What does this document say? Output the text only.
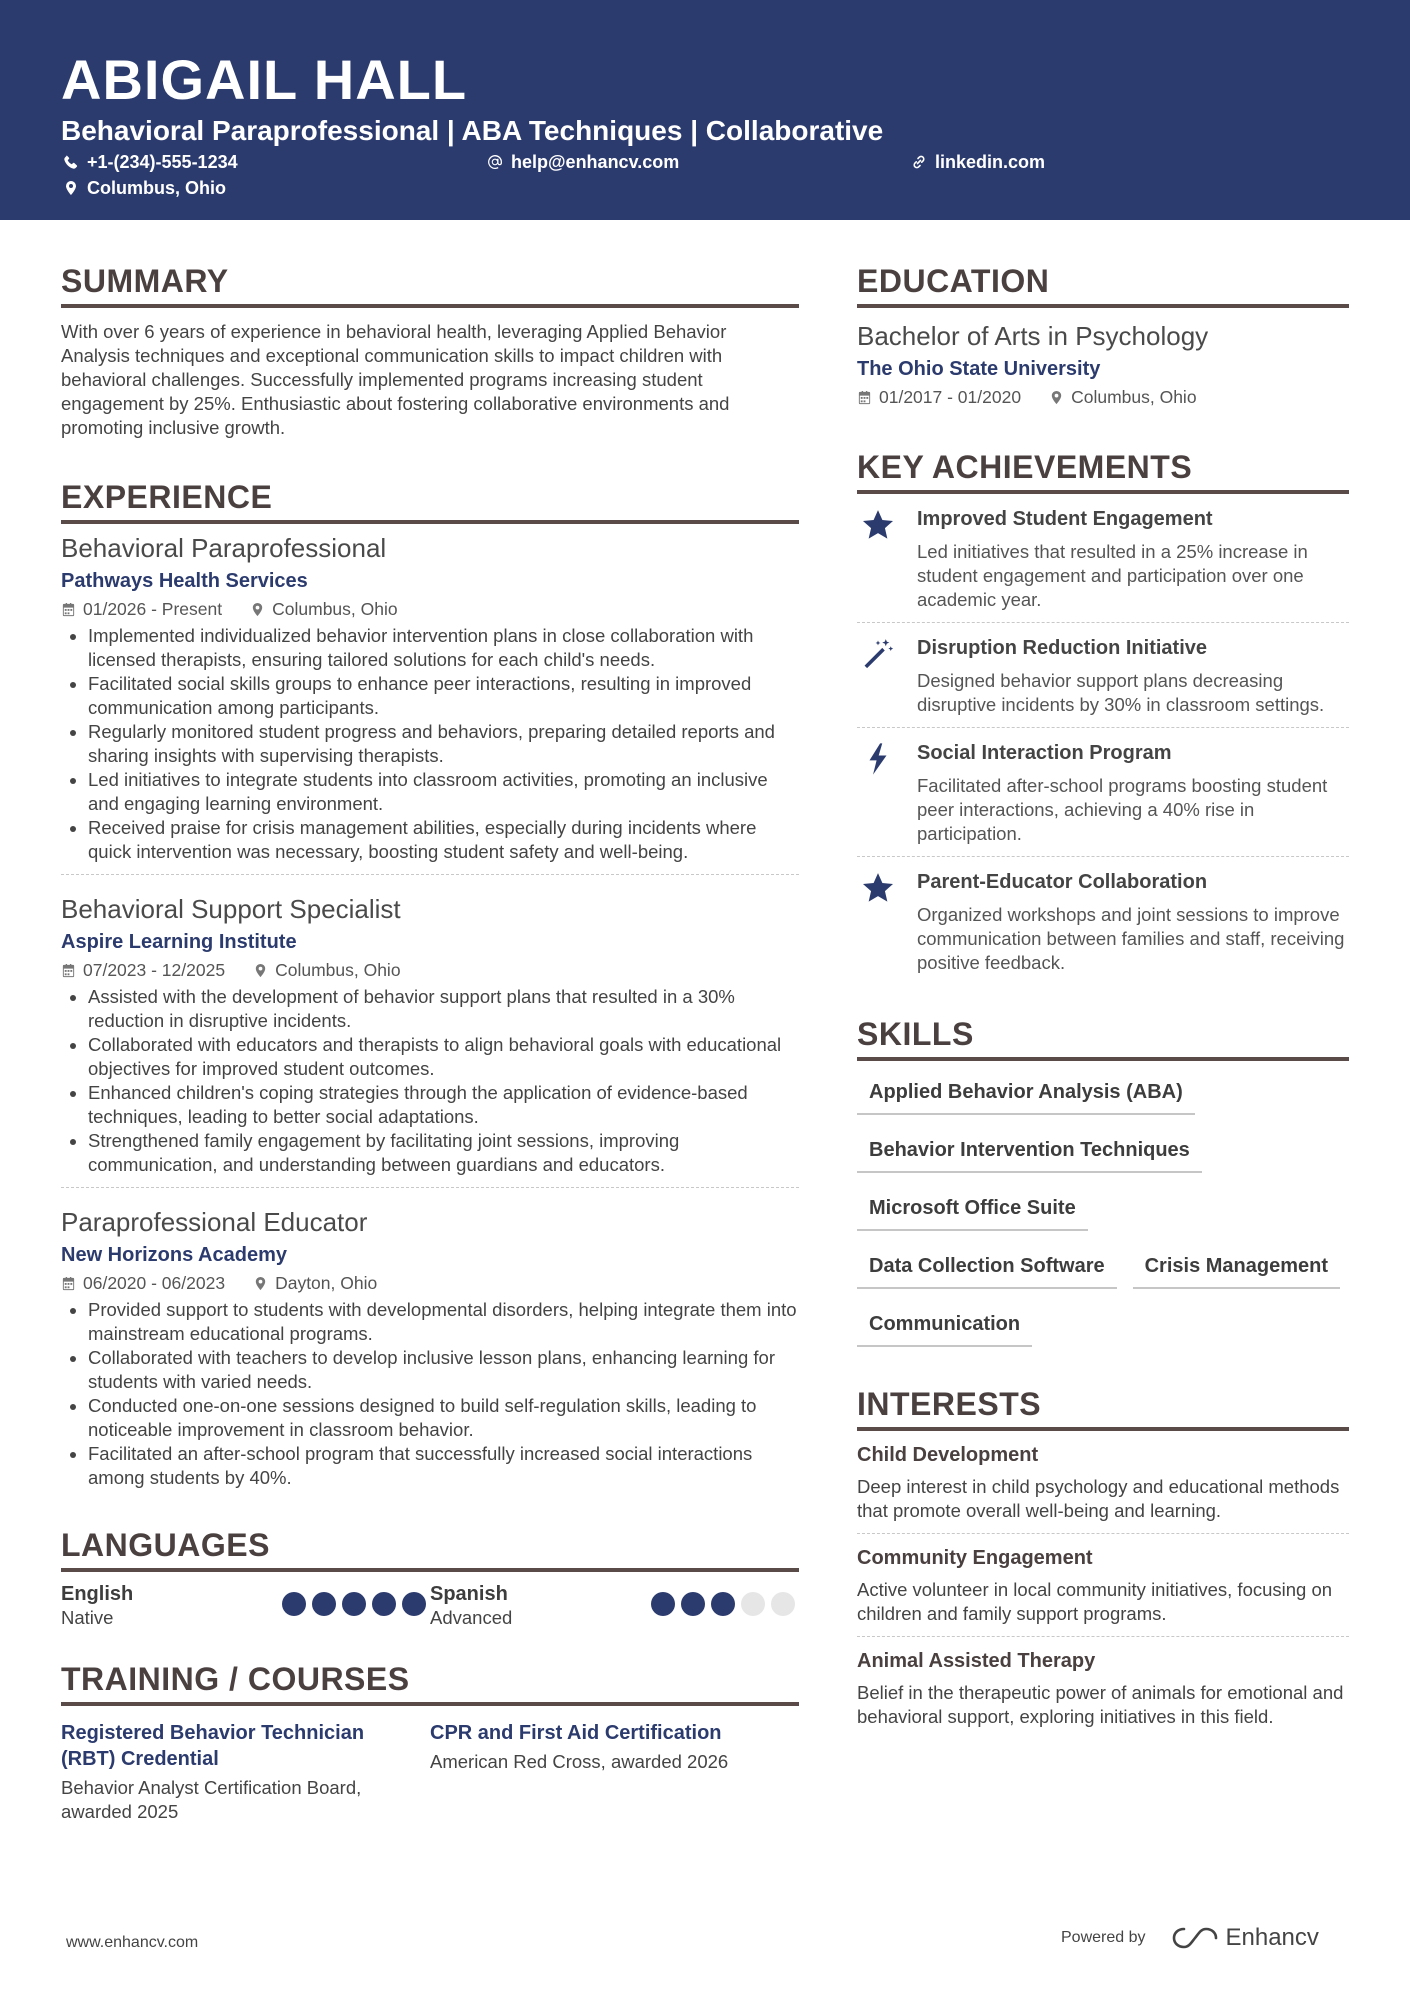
ABIGAIL HALL
Behavioral Paraprofessional | ABA Techniques | Collaborative
+1-(234)-555-1234	help@enhancv.com	linkedin.com
Columbus, Ohio
SUMMARY
With over 6 years of experience in behavioral health, leveraging Applied Behavior Analysis techniques and exceptional communication skills to impact children with behavioral challenges. Successfully implemented programs increasing student engagement by 25%. Enthusiastic about fostering collaborative environments and promoting inclusive growth.
EXPERIENCE
Behavioral Paraprofessional
Pathways Health Services
01/2026 - Present	Columbus, Ohio
• Implemented individualized behavior intervention plans in close collaboration with licensed therapists, ensuring tailored solutions for each child's needs.
• Facilitated social skills groups to enhance peer interactions, resulting in improved communication among participants.
• Regularly monitored student progress and behaviors, preparing detailed reports and sharing insights with supervising therapists.
• Led initiatives to integrate students into classroom activities, promoting an inclusive and engaging learning environment.
• Received praise for crisis management abilities, especially during incidents where quick intervention was necessary, boosting student safety and well-being.
Behavioral Support Specialist
Aspire Learning Institute
07/2023 - 12/2025	Columbus, Ohio
• Assisted with the development of behavior support plans that resulted in a 30% reduction in disruptive incidents.
• Collaborated with educators and therapists to align behavioral goals with educational objectives for improved student outcomes.
• Enhanced children's coping strategies through the application of evidence-based techniques, leading to better social adaptations.
• Strengthened family engagement by facilitating joint sessions, improving communication, and understanding between guardians and educators.
Paraprofessional Educator
New Horizons Academy
06/2020 - 06/2023	Dayton, Ohio
• Provided support to students with developmental disorders, helping integrate them into mainstream educational programs.
• Collaborated with teachers to develop inclusive lesson plans, enhancing learning for students with varied needs.
• Conducted one-on-one sessions designed to build self-regulation skills, leading to noticeable improvement in classroom behavior.
• Facilitated an after-school program that successfully increased social interactions among students by 40%.
LANGUAGES
English
Native
Spanish
Advanced
TRAINING / COURSES
Registered Behavior Technician (RBT) Credential
Behavior Analyst Certification Board, awarded 2025
CPR and First Aid Certification
American Red Cross, awarded 2026
EDUCATION
Bachelor of Arts in Psychology
The Ohio State University
01/2017 - 01/2020	Columbus, Ohio
KEY ACHIEVEMENTS
Improved Student Engagement
Led initiatives that resulted in a 25% increase in student engagement and participation over one academic year.
Disruption Reduction Initiative
Designed behavior support plans decreasing disruptive incidents by 30% in classroom settings.
Social Interaction Program
Facilitated after-school programs boosting student peer interactions, achieving a 40% rise in participation.
Parent-Educator Collaboration
Organized workshops and joint sessions to improve communication between families and staff, receiving positive feedback.
SKILLS
Applied Behavior Analysis (ABA)
Behavior Intervention Techniques
Microsoft Office Suite
Data Collection Software	Crisis Management
Communication
INTERESTS
Child Development
Deep interest in child psychology and educational methods that promote overall well-being and learning.
Community Engagement
Active volunteer in local community initiatives, focusing on children and family support programs.
Animal Assisted Therapy
Belief in the therapeutic power of animals for emotional and behavioral support, exploring initiatives in this field.
www.enhancv.com	Powered by	Enhancv
